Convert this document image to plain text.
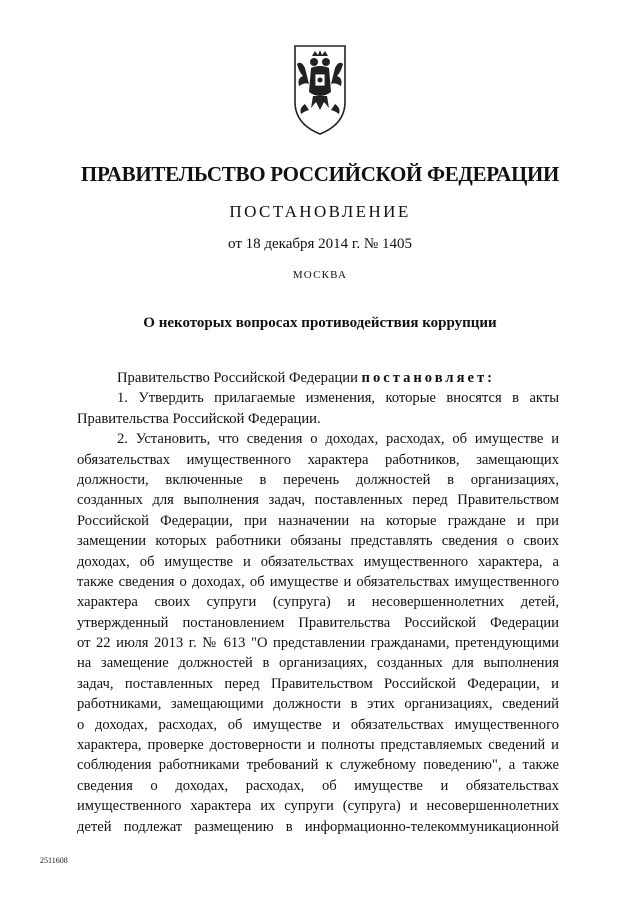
ПРАВИТЕЛЬСТВО РОССИЙСКОЙ ФЕДЕРАЦИИ
ПОСТАНОВЛЕНИЕ
от 18 декабря 2014 г. № 1405
МОСКВА
О некоторых вопросах противодействия коррупции

Правительство Российской Федерации постановляет:

1. Утвердить прилагаемые изменения, которые вносятся в акты
Правительства Российской Федерации.
2. Установить, что сведения о доходах, расходах, об имуществе и
обязательствах имущественного характера работников, замещающих
должности, включенные в перечень должностей в организациях,
созданных для выполнения задач, поставленных перед Правительством
Российской Федерации, при назначении на которые граждане и при
замещении которых работники обязаны представлять сведения о своих
доходах, об имуществе и обязательствах имущественного характера, а
также сведения о доходах, об имуществе и обязательствах имущественного
характера своих супруги (супруга) и несовершеннолетних детей,
утвержденный постановлением Правительства Российской Федерации
от 22 июля 2013 г. № 613 "О представлении гражданами, претендующими
на замещение должностей в организациях, созданных для выполнения
задач, поставленных перед Правительством Российской Федерации, и
работниками, замещающими должности в этих организациях, сведений
о доходах, расходах, об имуществе и обязательствах имущественного
характера, проверке достоверности и полноты представляемых сведений и
соблюдения работниками требований к служебному поведению", а также
сведения о доходах, расходах, об имуществе и обязательствах
имущественного характера их супруги (супруга) и несовершеннолетних
детей подлежат размещению в информационно-телекоммуникационной
2511608
